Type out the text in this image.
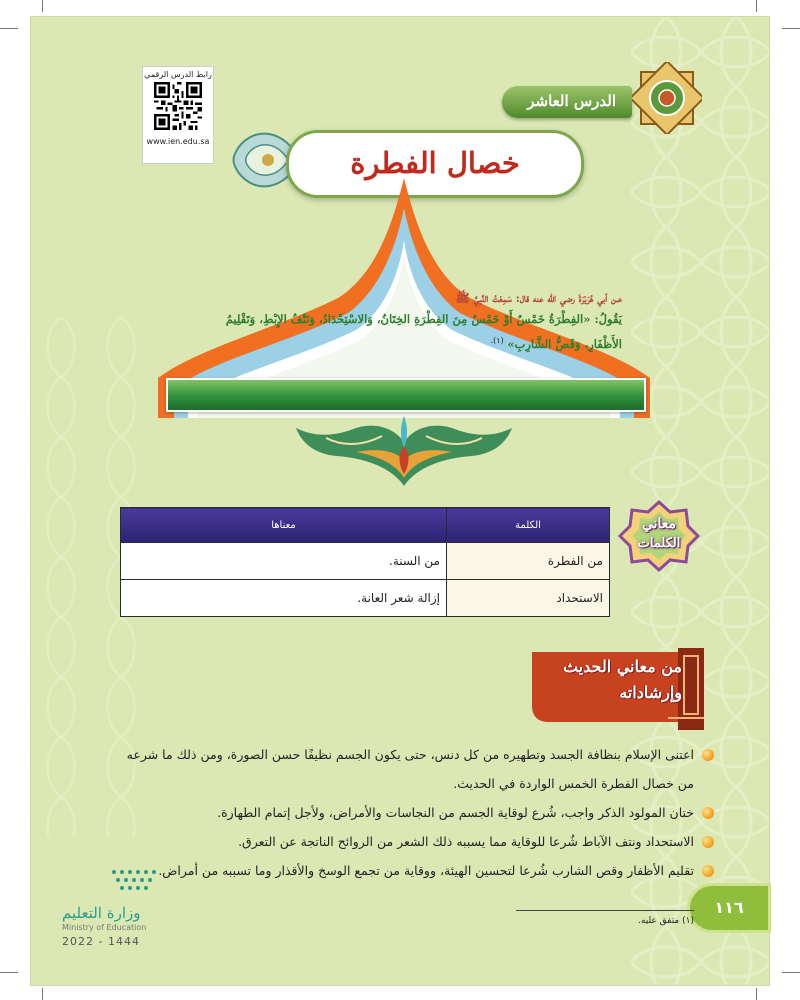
رابط الدرس الرقمي
www.ien.edu.sa
الدرس العاشر
خصال الفطرة
عـن أبي هُرَيْرَةَ رضي الله عنه قال: سَمِعْتُ النَّبِيَّ ﷺ
يَقُولُ: «الفِطْرَةُ خَمْسٌ أَوْ خَمْسٌ مِنَ الفِطْرَةِ الخِتَانُ، وَالاسْتِحْدَادُ، وَنَتْفُ الإِبْطِ، وَتَقْلِيمُ الأَظْفَارِ، وَقَصُّ الشَّارِبِ» $^{(١).}$
معاني
الكلمات
الكلمة	معناها
من الفطرة	من السنة.
الاستحداد	إزالة شعر العانة.
من معاني الحديث
وإرشاداته
اعتنى الإسلام بنظافة الجسد وتطهيره من كل دنس، حتى يكون الجسم نظيفًا حسن الصورة، ومن ذلك ما شرعه من خصال الفطرة الخمس الواردة في الحديث.
ختان المولود الذكر واجب، شُرع لوقاية الجسم من النجاسات والأمراض، ولأجل إتمام الطهارة.
الاستحداد ونتف الآباط شُرعا للوقاية مما يسببه ذلك الشعر من الروائح الناتجة عن التعرق.
تقليم الأظفار وقص الشارب شُرعا لتحسين الهيئة، ووقاية من تجمع الوسخ والأقذار وما تسببه من أمراض.
١١٦
(١) متفق عليه.
وزارة التعليم
Ministry of Education
2022 - 1444
